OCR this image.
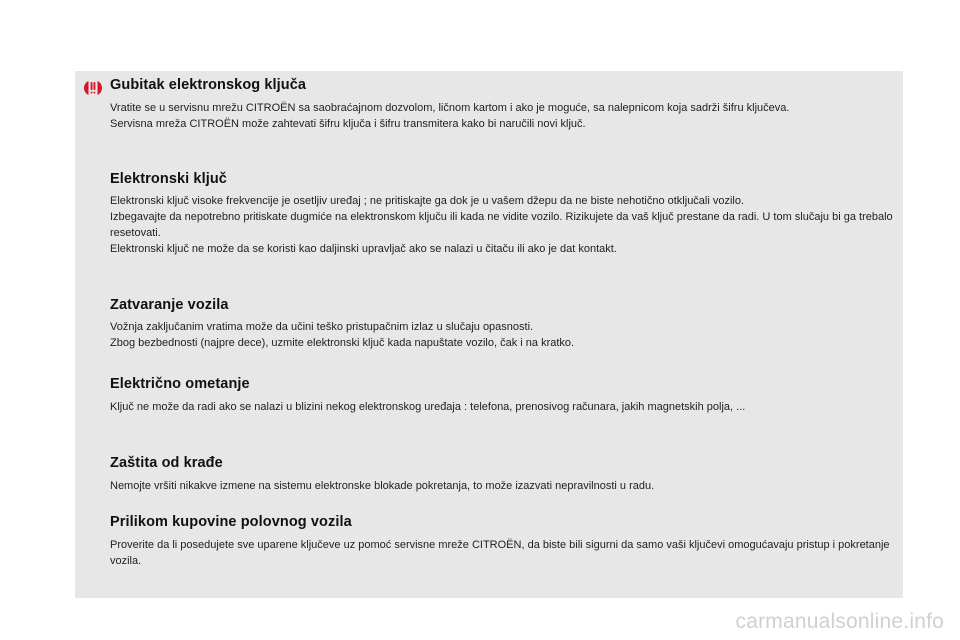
Gubitak elektronskog ključa

Vratite se u servisnu mrežu CITROËN sa saobraćajnom dozvolom, ličnom kartom i ako je moguće, sa nalepnicom koja sadrži šifru ključeva.

Servisna mreža CITROËN može zahtevati šifru ključa i šifru transmitera kako bi naručili novi ključ.

Elektronski ključ

Elektronski ključ visoke frekvencije je osetljiv uređaj ; ne pritiskajte ga dok je u vašem džepu da ne biste nehotično otključali vozilo.

Izbegavajte da nepotrebno pritiskate dugmiće na elektronskom ključu ili kada ne vidite vozilo. Rizikujete da vaš ključ prestane da radi. U tom slučaju bi ga trebalo resetovati.

Elektronski ključ ne može da se koristi kao daljinski upravljač ako se nalazi u čitaču ili ako je dat kontakt.

Zatvaranje vozila

Vožnja zaključanim vratima može da učini teško pristupačnim izlaz u slučaju opasnosti.

Zbog bezbednosti (najpre dece), uzmite elektronski ključ kada napuštate vozilo, čak i na kratko.

Električno ometanje

Ključ ne može da radi ako se nalazi u blizini nekog elektronskog uređaja : telefona, prenosivog računara, jakih magnetskih polja, ...

Zaštita od krađe

Nemojte vršiti nikakve izmene na sistemu elektronske blokade pokretanja, to može izazvati nepravilnosti u radu.

Prilikom kupovine polovnog vozila

Proverite da li posedujete sve uparene ključeve uz pomoć servisne mreže CITROËN, da biste bili sigurni da samo vaši ključevi omogućavaju pristup i pokretanje vozila.

carmanualsonline.info
